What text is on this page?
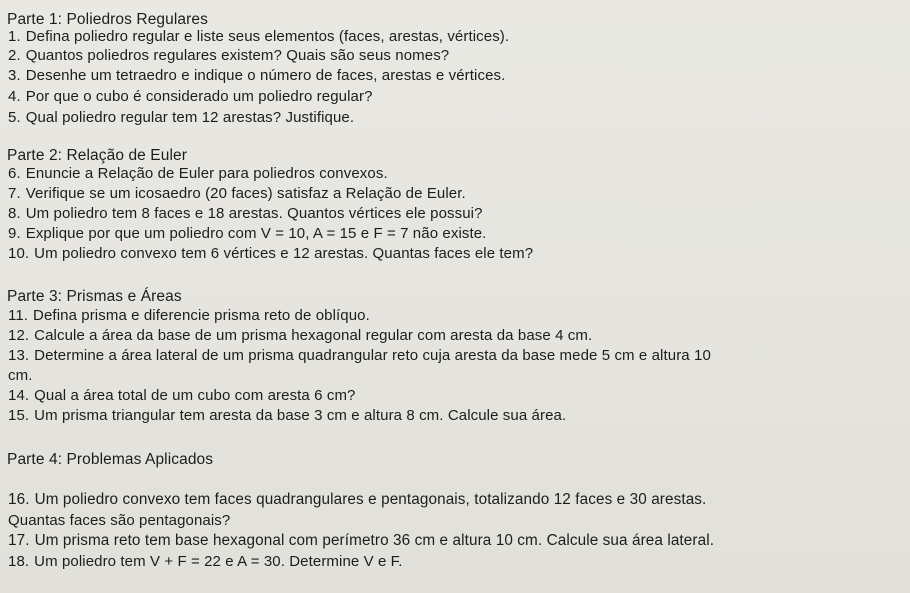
Parte 1: Poliedros Regulares
1. Defina poliedro regular e liste seus elementos (faces, arestas, vértices).
2. Quantos poliedros regulares existem? Quais são seus nomes?
3. Desenhe um tetraedro e indique o número de faces, arestas e vértices.
4. Por que o cubo é considerado um poliedro regular?
5. Qual poliedro regular tem 12 arestas? Justifique.
Parte 2: Relação de Euler
6. Enuncie a Relação de Euler para poliedros convexos.
7. Verifique se um icosaedro (20 faces) satisfaz a Relação de Euler.
8. Um poliedro tem 8 faces e 18 arestas. Quantos vértices ele possui?
9. Explique por que um poliedro com V = 10, A = 15 e F = 7 não existe.
10. Um poliedro convexo tem 6 vértices e 12 arestas. Quantas faces ele tem?
Parte 3: Prismas e Áreas
11. Defina prisma e diferencie prisma reto de oblíquo.
12. Calcule a área da base de um prisma hexagonal regular com aresta da base 4 cm.
13. Determine a área lateral de um prisma quadrangular reto cuja aresta da base mede 5 cm e altura 10
cm.
14. Qual a área total de um cubo com aresta 6 cm?
15. Um prisma triangular tem aresta da base 3 cm e altura 8 cm. Calcule sua área.
Parte 4: Problemas Aplicados
16. Um poliedro convexo tem faces quadrangulares e pentagonais, totalizando 12 faces e 30 arestas.
Quantas faces são pentagonais?
17. Um prisma reto tem base hexagonal com perímetro 36 cm e altura 10 cm. Calcule sua área lateral.
18. Um poliedro tem V + F = 22 e A = 30. Determine V e F.
